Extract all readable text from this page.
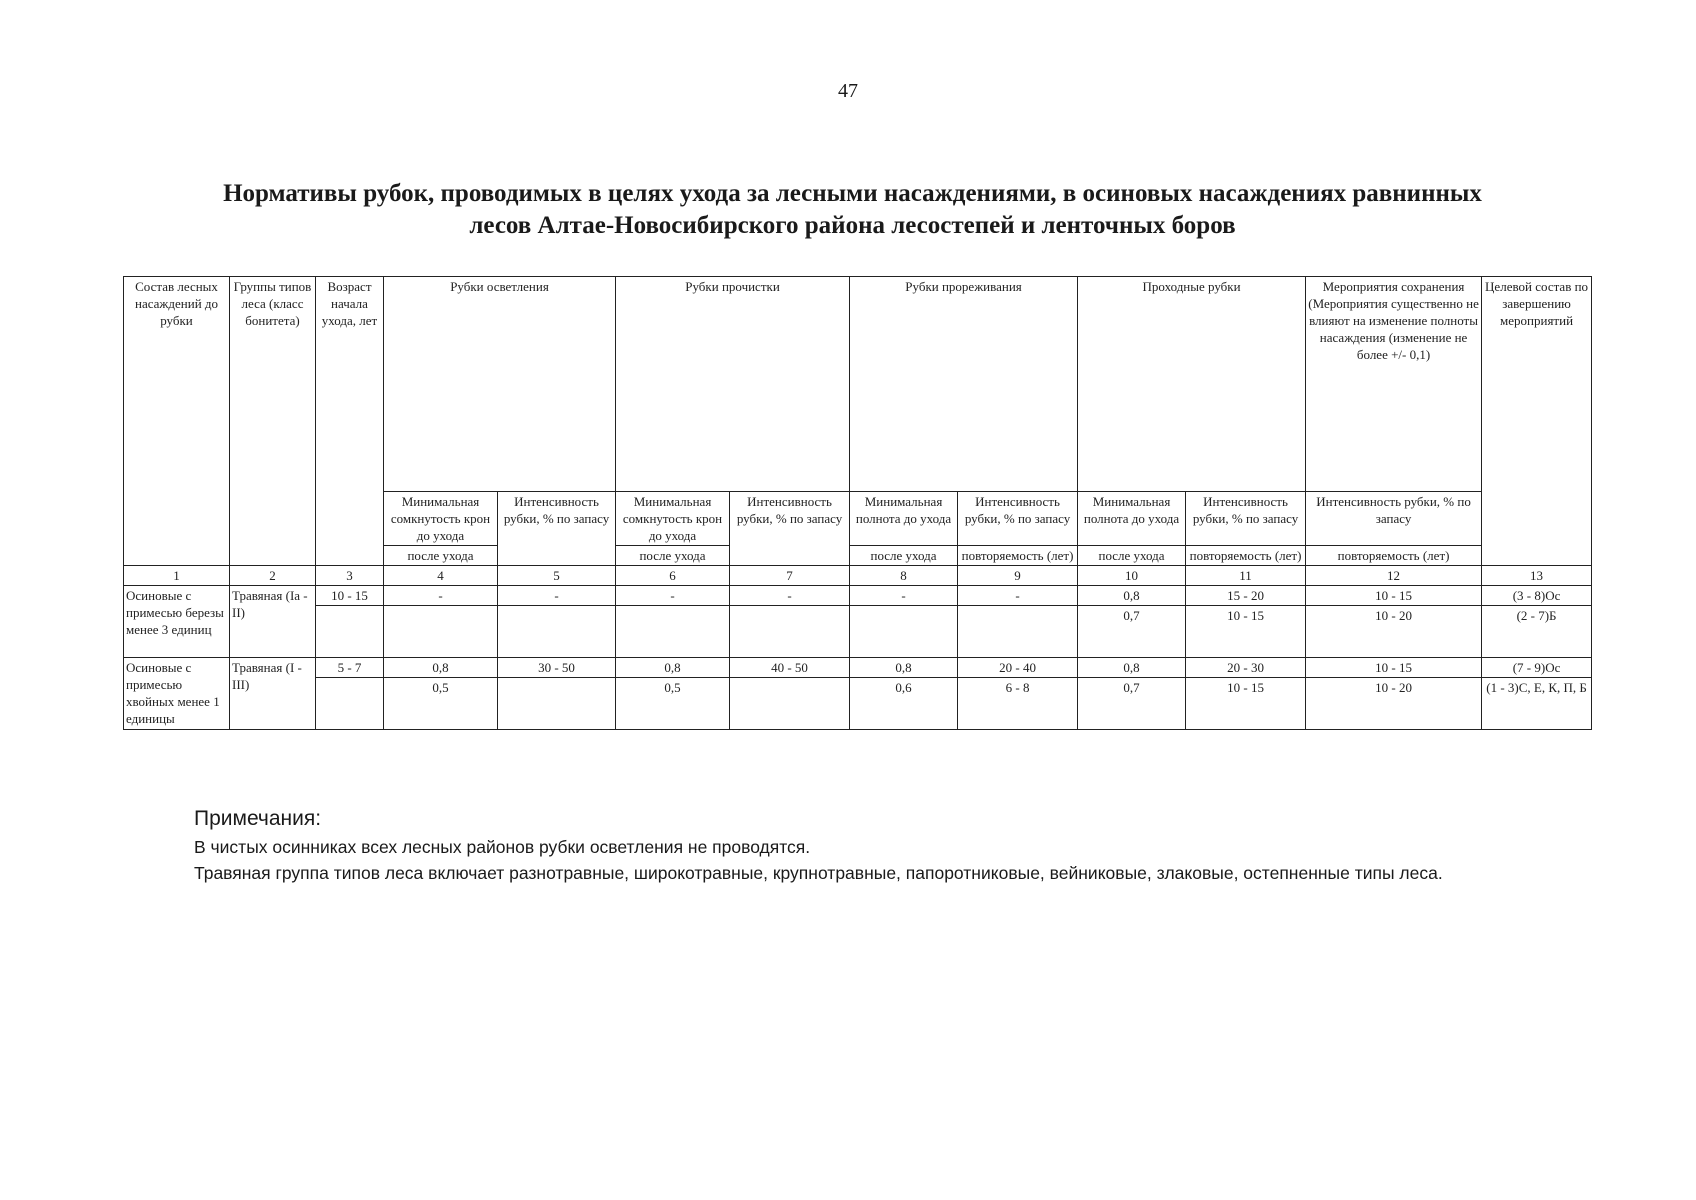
47
Нормативы рубок, проводимых в целях ухода за лесными насаждениями, в осиновых насаждениях равнинных
лесов Алтае-Новосибирского района лесостепей и ленточных боров
Состав лесных насаждений до рубки	Группы типов леса (класс бонитета)	Возраст начала ухода, лет	Рубки осветления		Рубки прочистки		Рубки прореживания		Проходные рубки		Мероприятия сохранения (Мероприятия существенно не влияют на изменение полноты насаждения (изменение не более +/- 0,1)	Целевой состав по завершению мероприятий
			Минимальная сомкнутость крон до ухода	Интенсивность рубки, % по запасу	Минимальная сомкнутость крон до ухода	Интенсивность рубки, % по запасу	Минимальная полнота до ухода	Интенсивность рубки, % по запасу	Минимальная полнота до ухода	Интенсивность рубки, % по запасу	Интенсивность рубки, % по запасу	
			после ухода		после ухода		после ухода	повторяемость (лет)	после ухода	повторяемость (лет)	повторяемость (лет)	
1	2	3	4	5	6	7	8	9	10	11	12	13
Осиновые с примесью березы менее 3 единиц	Травяная (Iа - II)	10 - 15	-	-	-	-	-	-	0,8	15 - 20	10 - 15	(3 - 8)Ос
									0,7	10 - 15	10 - 20	(2 - 7)Б
Осиновые с примесью хвойных менее 1 единицы	Травяная (I - III)	5 - 7	0,8	30 - 50	0,8	40 - 50	0,8	20 - 40	0,8	20 - 30	10 - 15	(7 - 9)Ос
			0,5		0,5		0,6	6 - 8	0,7	10 - 15	10 - 20	(1 - 3)С, Е, К, П, Б
Примечания:
В чистых осинниках всех лесных районов рубки осветления не проводятся.
Травяная группа типов леса включает разнотравные, широкотравные, крупнотравные, папоротниковые, вейниковые, злаковые, остепненные типы леса.
